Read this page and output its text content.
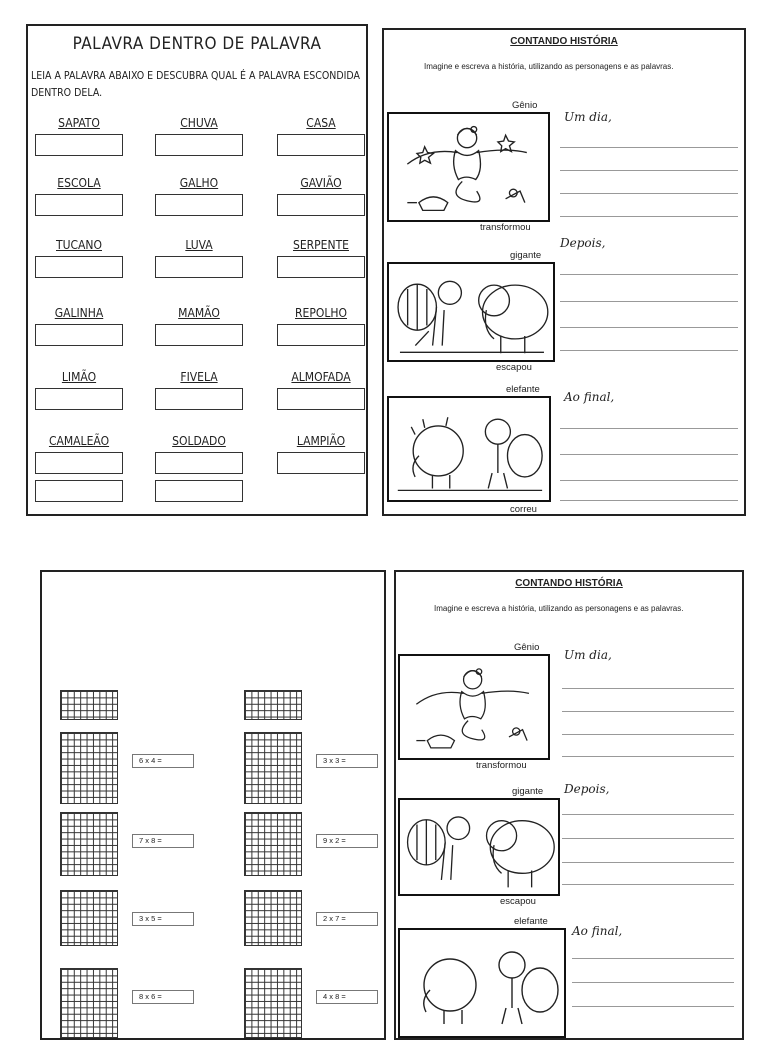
PALAVRA DENTRO DE PALAVRA
LEIA A PALAVRA ABAIXO E DESCUBRA QUAL É A PALAVRA ESCONDIDA DENTRO DELA.
SAPATO	CHUVA	CASA
ESCOLA	GALHO	GAVIÃO
TUCANO	LUVA	SERPENTE
GALINHA	MAMÃO	REPOLHO
LIMÃO	FIVELA	ALMOFADA
CAMALEÃO	SOLDADO	LAMPIÃO
CONTANDO HISTÓRIA
Imagine e escreva a história, utilizando as personagens e as palavras.
Gênio
transformou
Um dia,
gigante
escapou
Depois,
elefante
correu
Ao final,
6 x 4 =	3 x 3 =
7 x 8 =	9 x 2 =
3 x 5 =	2 x 7 =
8 x 6 =	4 x 8 =
CONTANDO HISTÓRIA
Imagine e escreva a história, utilizando as personagens e as palavras.
Gênio
transformou
Um dia,
gigante
escapou
Depois,
elefante
Ao final,
